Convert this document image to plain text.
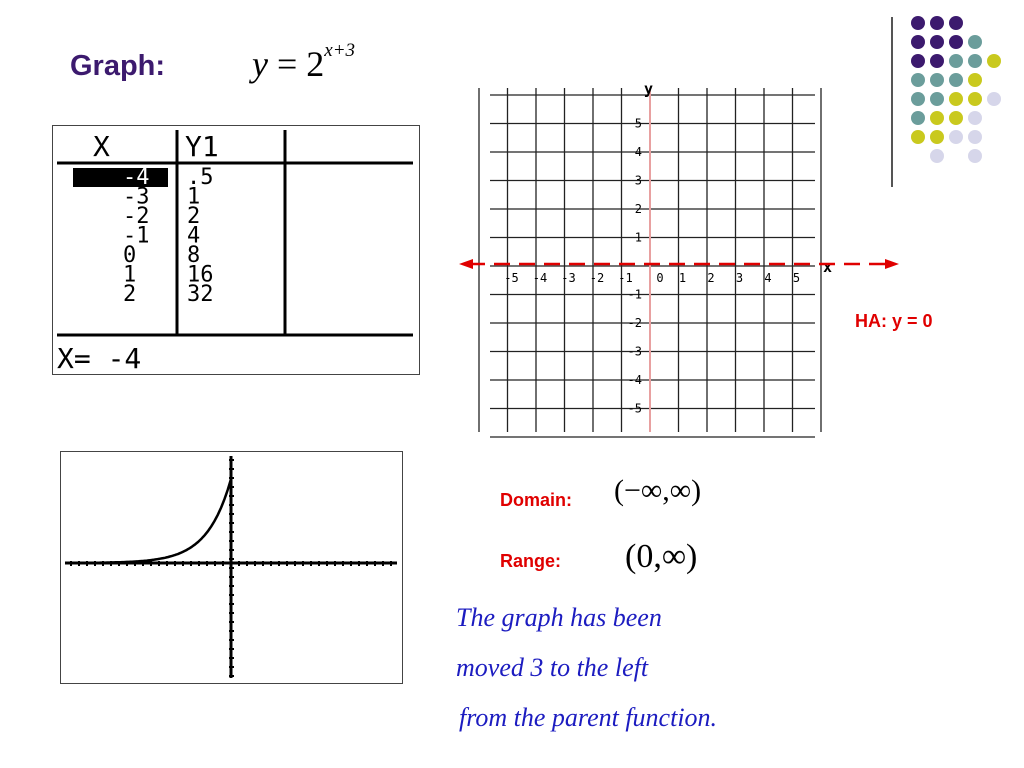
Graph: $y = 2^{x+3}$
X	Y1
-4 .5
-3 1
-2 2
-1 4
0 8
1 16
2 32
X= -4
-5 -4 -3 -2 -1 0 1 2 3 4 5
5
4
3
2
1
-1
-2
-3
-4
-5
x
y
HA: y = 0
Domain: (−∞,∞)
Range: (0,∞)
The graph has been
moved 3 to the left
from the parent function.
